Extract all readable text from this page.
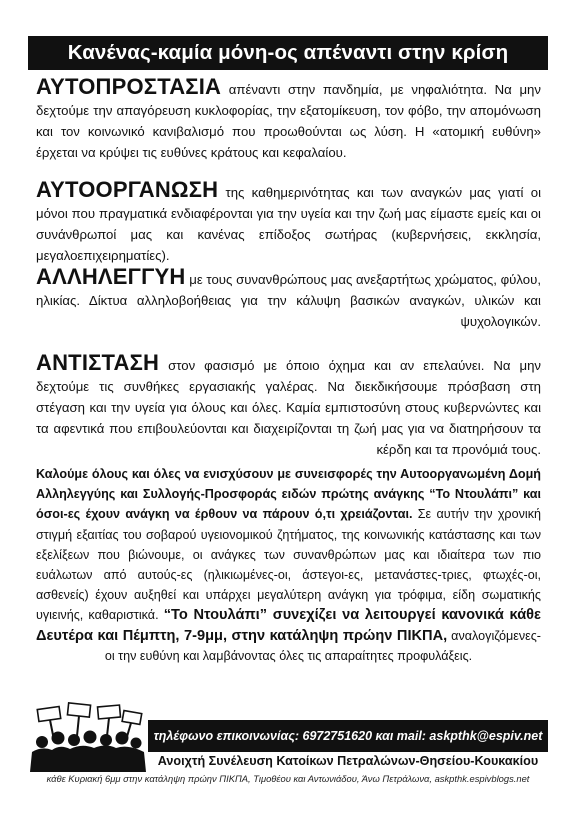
Κανένας-καμία μόνη-ος απέναντι στην κρίση
ΑΥΤΟΠΡΟΣΤΑΣΙΑ απέναντι στην πανδημία, με νηφαλιότητα. Να μην δεχτούμε την απαγόρευση κυκλοφορίας, την εξατομίκευση, τον φόβο, την απομόνωση και τον κοινωνικό κανιβαλισμό που προωθούνται ως λύση. Η «ατομική ευθύνη» έρχεται να κρύψει τις ευθύνες κράτους και κεφαλαίου.
ΑΥΤΟΟΡΓΑΝΩΣΗ της καθημερινότητας και των αναγκών μας γιατί οι μόνοι που πραγματικά ενδιαφέρονται για την υγεία και την ζωή μας είμαστε εμείς και οι συνάνθρωποί μας και κανένας επίδοξος σωτήρας (κυβερνήσεις, εκκλησία, μεγαλοεπιχειρηματίες).
ΑΛΛΗΛΕΓΓΥΗ με τους συνανθρώπους μας ανεξαρτήτως χρώματος, φύλου, ηλικίας. Δίκτυα αλληλοβοήθειας για την κάλυψη βασικών αναγκών, υλικών και ψυχολογικών.
ΑΝΤΙΣΤΑΣΗ στον φασισμό με όποιο όχημα και αν επελαύνει. Να μην δεχτούμε τις συνθήκες εργασιακής γαλέρας. Να διεκδικήσουμε πρόσβαση στη στέγαση και την υγεία για όλους και όλες. Καμία εμπιστοσύνη στους κυβερνώντες και τα αφεντικά που επιβουλεύονται και διαχειρίζονται τη ζωή μας για να διατηρήσουν τα κέρδη και τα προνόμιά τους.
Καλούμε όλους και όλες να ενισχύσουν με συνεισφορές την Αυτοοργανωμένη Δομή Αλληλεγγύης και Συλλογής-Προσφοράς ειδών πρώτης ανάγκης “Το Ντουλάπι” και όσοι-ες έχουν ανάγκη να έρθουν να πάρουν ό,τι χρειάζονται. Σε αυτήν την χρονική στιγμή εξαιτίας του σοβαρού υγειονομικού ζητήματος, της κοινωνικής κατάστασης και των εξελίξεων που βιώνουμε, οι ανάγκες των συνανθρώπων μας και ιδιαίτερα των πιο ευάλωτων από αυτούς-ες (ηλικιωμένες-οι, άστεγοι-ες, μετανάστες-τριες, φτωχές-οι, ασθενείς) έχουν αυξηθεί και υπάρχει μεγαλύτερη ανάγκη για τρόφιμα, είδη σωματικής υγιεινής, καθαριστικά. “Το Ντουλάπι” συνεχίζει να λειτουργεί κανονικά κάθε Δευτέρα και Πέμπτη, 7-9μμ, στην κατάληψη πρώην ΠΙΚΠΑ, αναλογιζόμενες-οι την ευθύνη και λαμβάνοντας όλες τις απαραίτητες προφυλάξεις.
τηλέφωνο επικοινωνίας: 6972751620 και mail: askpthk@espiv.net
Ανοιχτή Συνέλευση Κατοίκων Πετραλώνων-Θησείου-Κουκακίου
κάθε Κυριακή 6μμ στην κατάληψη πρώην ΠΙΚΠΑ, Τιμοθέου και Αντωνιάδου, Άνω Πετράλωνα, askpthk.espivblogs.net
